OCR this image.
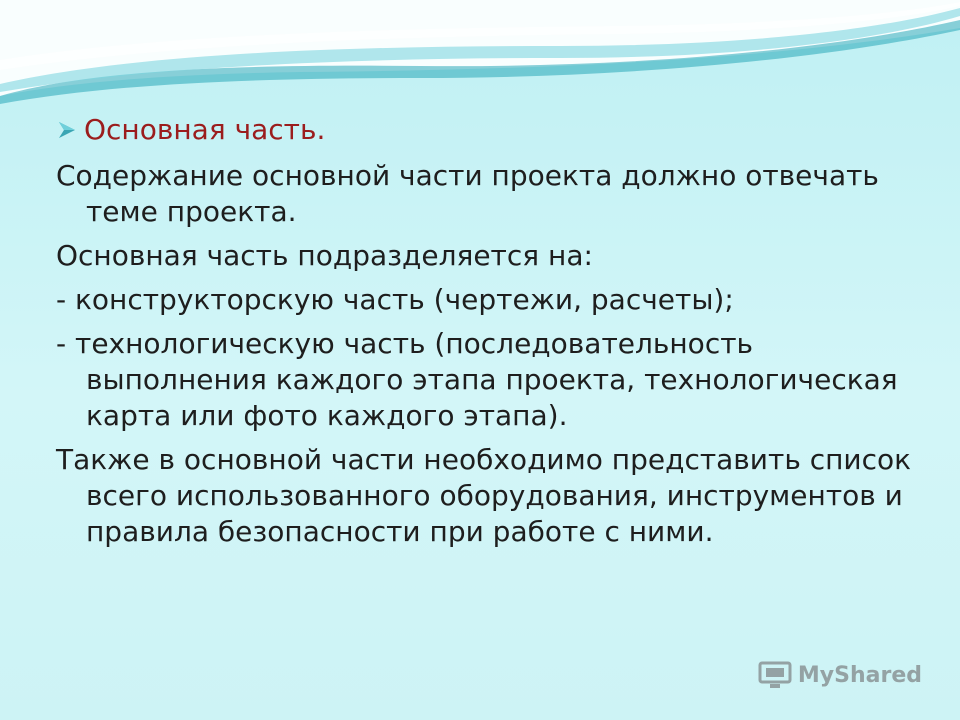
Основная часть.

Содержание основной части проекта должно отвечать теме проекта.

Основная часть подразделяется на:

- конструкторскую часть (чертежи, расчеты);

- технологическую часть (последовательность выполнения каждого этапа проекта, технологическая карта или фото каждого этапа).

Также в основной части необходимо представить список всего использованного оборудования, инструментов и правила безопасности при работе с ними.

MyShared
